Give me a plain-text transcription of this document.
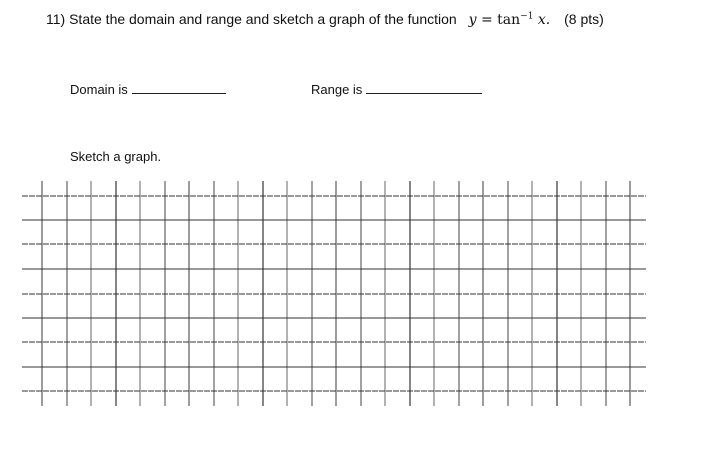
11) State the domain and range and sketch a graph of the function $y = \tan^{-1} x$. (8 pts)
Domain is	Range is
Sketch a graph.
